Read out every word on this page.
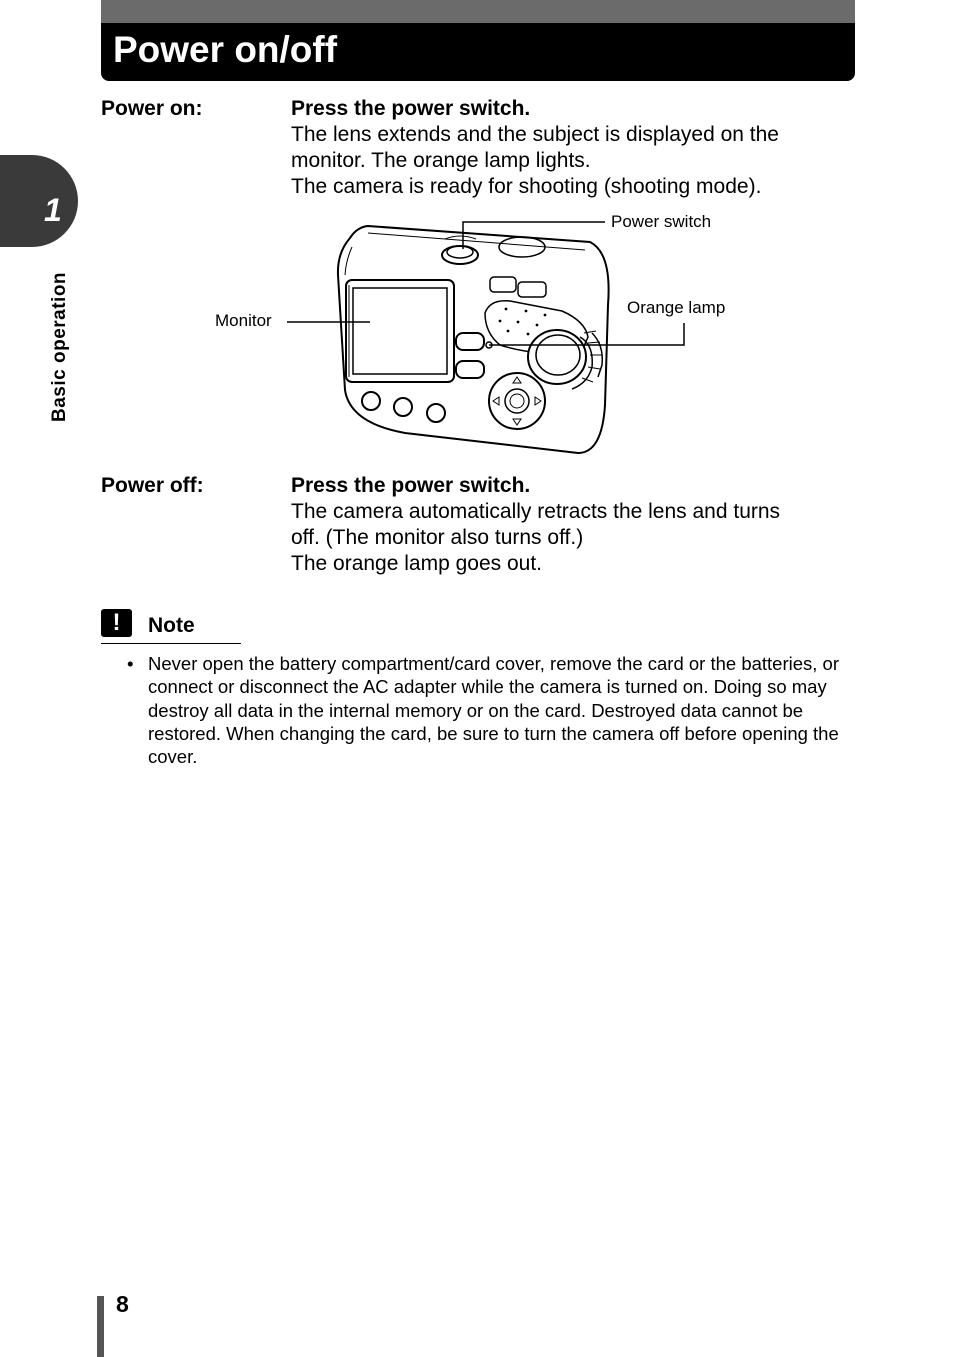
Power on/off
1
Basic operation
Power on:	Press the power switch.
The lens extends and the subject is displayed on the
monitor. The orange lamp lights.
The camera is ready for shooting (shooting mode).
Power switch
Orange lamp
Monitor
Power off:	Press the power switch.
The camera automatically retracts the lens and turns
off. (The monitor also turns off.)
The orange lamp goes out.
!	Note
• Never open the battery compartment/card cover, remove the card or the batteries, or connect or disconnect the AC adapter while the camera is turned on. Doing so may destroy all data in the internal memory or on the card. Destroyed data cannot be restored. When changing the card, be sure to turn the camera off before opening the cover.
8
